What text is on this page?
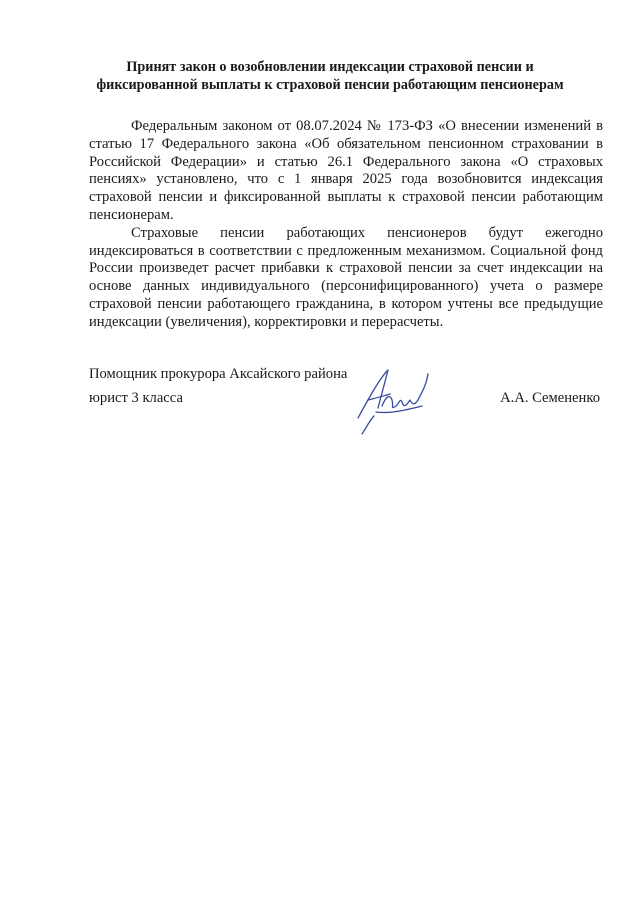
Принят закон о возобновлении индексации страховой пенсии и
фиксированной выплаты к страховой пенсии работающим пенсионерам

Федеральным законом от 08.07.2024 № 173-ФЗ «О внесении изменений в статью 17 Федерального закона «Об обязательном пенсионном страховании в Российской Федерации» и статью 26.1 Федерального закона «О страховых пенсиях» установлено, что с 1 января 2025 года возобновится индексация страховой пенсии и фиксированной выплаты к страховой пенсии работающим пенсионерам.

Страховые пенсии работающих пенсионеров будут ежегодно индексироваться в соответствии с предложенным механизмом. Социальной фонд России произведет расчет прибавки к страховой пенсии за счет индексации на основе данных индивидуального (персонифицированного) учета о размере страховой пенсии работающего гражданина, в котором учтены все предыдущие индексации (увеличения), корректировки и перерасчеты.

Помощник прокурора Аксайского района
юрист 3 класса	А.А. Семененко
